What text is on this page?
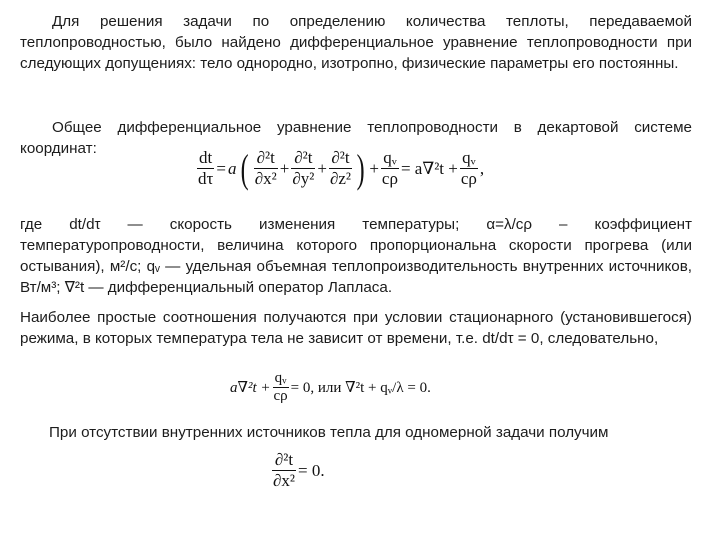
Для решения задачи по определению количества теплоты, передаваемой теплопроводностью, было найдено дифференциальное уравнение теплопроводности при следующих допущениях: тело однородно, изотропно, физические параметры его постоянны.

Общее дифференциальное уравнение теплопроводности в декартовой системе координат:	$\frac{dt}{d\tau} = a$ ( $\frac{\text{∂²t}}{\text{∂x²}} + \frac{\text{∂²t}}{\text{∂y²}} + \frac{\text{∂²t}}{\text{∂z²}}$ ) + $\frac{\text{qᵥ}}{c\rho} = a\nabla^2t + \frac{\text{qᵥ}}{c\rho}$ ,

где dt/dτ — скорость изменения температуры; α=λ/cρ – коэффициент температуропроводности, величина которого пропорциональна скорости прогрева (или остывания), м²/с; qᵥ — удельная объемная теплопроизводительность внутренних источников, Вт/м³; ∇²t — дифференциальный оператор Лапласа.

Наиболее простые соотношения получаются при условии стационарного (установившегося) режима, в которых температура тела не зависит от времени, т.е. dt/dτ = 0, следовательно,

$a\nabla^2t + \frac{\text{qᵥ}}{c\rho} = 0$, или ∇²t + qᵥ/λ = 0.

При отсутствии внутренних источников тепла для одномерной задачи получим

$\frac{\text{∂²t}}{\text{∂x²}} = 0$.
